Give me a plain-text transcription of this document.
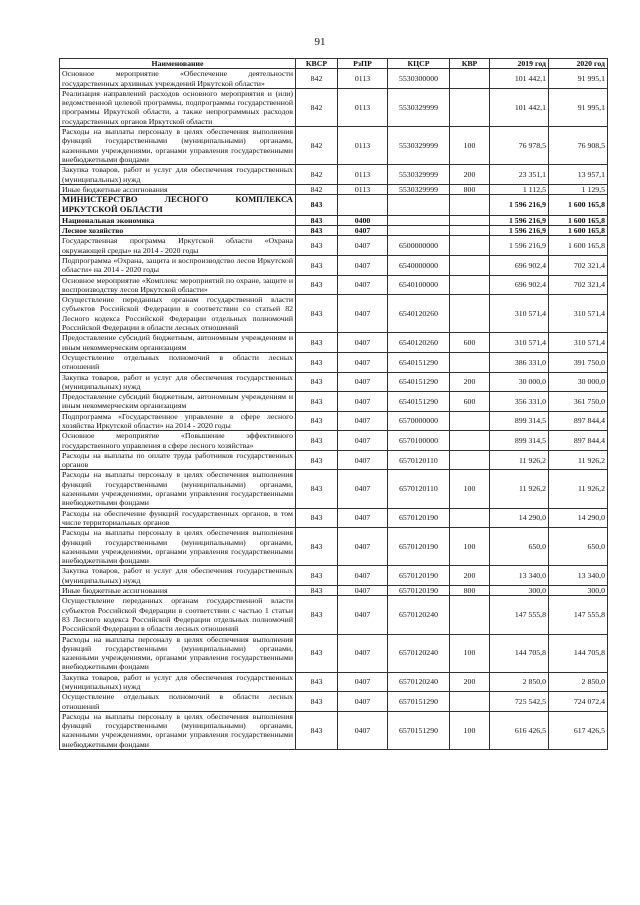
91
Наименование	КВСР	РзПР	КЦСР	КВР	2019 год	2020 год
Основное мероприятие «Обеспечение деятельности государственных архивных учреждений Иркутской области»	842	0113	5530300000		101 442,1	91 995,1
Реализация направлений расходов основного мероприятия и (или) ведомственной целевой программы, подпрограммы государственной программы Иркутской области, а также непрограммных расходов государственных органов Иркутской области	842	0113	5530329999		101 442,1	91 995,1
Расходы на выплаты персоналу в целях обеспечения выполнения функций государственными (муниципальными) органами, казенными учреждениями, органами управления государственными внебюджетными фондами	842	0113	5530329999	100	76 978,5	76 908,5
Закупка товаров, работ и услуг для обеспечения государственных (муниципальных) нужд	842	0113	5530329999	200	23 351,1	13 957,1
Иные бюджетные ассигнования	842	0113	5530329999	800	1 112,5	1 129,5
МИНИСТЕРСТВО ЛЕСНОГО КОМПЛЕКСА ИРКУТСКОЙ ОБЛАСТИ	843				1 596 216,9	1 600 165,8
Национальная экономика	843	0400			1 596 216,9	1 600 165,8
Лесное хозяйство	843	0407			1 596 216,9	1 600 165,8
Государственная программа Иркутской области «Охрана окружающей среды» на 2014 - 2020 годы	843	0407	6500000000		1 596 216,9	1 600 165,8
Подпрограмма «Охрана, защита и воспроизводство лесов Иркутской области» на 2014 - 2020 годы	843	0407	6540000000		696 902,4	702 321,4
Основное мероприятие «Комплекс мероприятий по охране, защите и воспроизводству лесов Иркутской области»	843	0407	6540100000		696 902,4	702 321,4
Осуществление переданных органам государственной власти субъектов Российской Федерации в соответствии со статьей 82 Лесного кодекса Российской Федерации отдельных полномочий Российской Федерации в области лесных отношений	843	0407	6540120260		310 571,4	310 571,4
Предоставление субсидий бюджетным, автономным учреждениям и иным некоммерческим организациям	843	0407	6540120260	600	310 571,4	310 571,4
Осуществление отдельных полномочий в области лесных отношений	843	0407	6540151290		386 331,0	391 750,0
Закупка товаров, работ и услуг для обеспечения государственных (муниципальных) нужд	843	0407	6540151290	200	30 000,0	30 000,0
Предоставление субсидий бюджетным, автономным учреждениям и иным некоммерческим организациям	843	0407	6540151290	600	356 331,0	361 750,0
Подпрограмма «Государственное управление в сфере лесного хозяйства Иркутской области» на 2014 - 2020 годы	843	0407	6570000000		899 314,5	897 844,4
Основное мероприятие «Повышение эффективного государственного управления в сфере лесного хозяйства»	843	0407	6570100000		899 314,5	897 844,4
Расходы на выплаты по оплате труда работников государственных органов	843	0407	6570120110		11 926,2	11 926,2
Расходы на выплаты персоналу в целях обеспечения выполнения функций государственными (муниципальными) органами, казенными учреждениями, органами управления государственными внебюджетными фондами	843	0407	6570120110	100	11 926,2	11 926,2
Расходы на обеспечение функций государственных органов, в том числе территориальных органов	843	0407	6570120190		14 290,0	14 290,0
Расходы на выплаты персоналу в целях обеспечения выполнения функций государственными (муниципальными) органами, казенными учреждениями, органами управления государственными внебюджетными фондами	843	0407	6570120190	100	650,0	650,0
Закупка товаров, работ и услуг для обеспечения государственных (муниципальных) нужд	843	0407	6570120190	200	13 340,0	13 340,0
Иные бюджетные ассигнования	843	0407	6570120190	800	300,0	300,0
Осуществление переданных органам государственной власти субъектов Российской Федерации в соответствии с частью 1 статьи 83 Лесного кодекса Российской Федерации отдельных полномочий Российской Федерации в области лесных отношений	843	0407	6570120240		147 555,8	147 555,8
Расходы на выплаты персоналу в целях обеспечения выполнения функций государственными (муниципальными) органами, казенными учреждениями, органами управления государственными внебюджетными фондами	843	0407	6570120240	100	144 705,8	144 705,8
Закупка товаров, работ и услуг для обеспечения государственных (муниципальных) нужд	843	0407	6570120240	200	2 850,0	2 850,0
Осуществление отдельных полномочий в области лесных отношений	843	0407	6570151290		725 542,5	724 072,4
Расходы на выплаты персоналу в целях обеспечения выполнения функций государственными (муниципальными) органами, казенными учреждениями, органами управления государственными внебюджетными фондами	843	0407	6570151290	100	616 426,5	617 426,5
